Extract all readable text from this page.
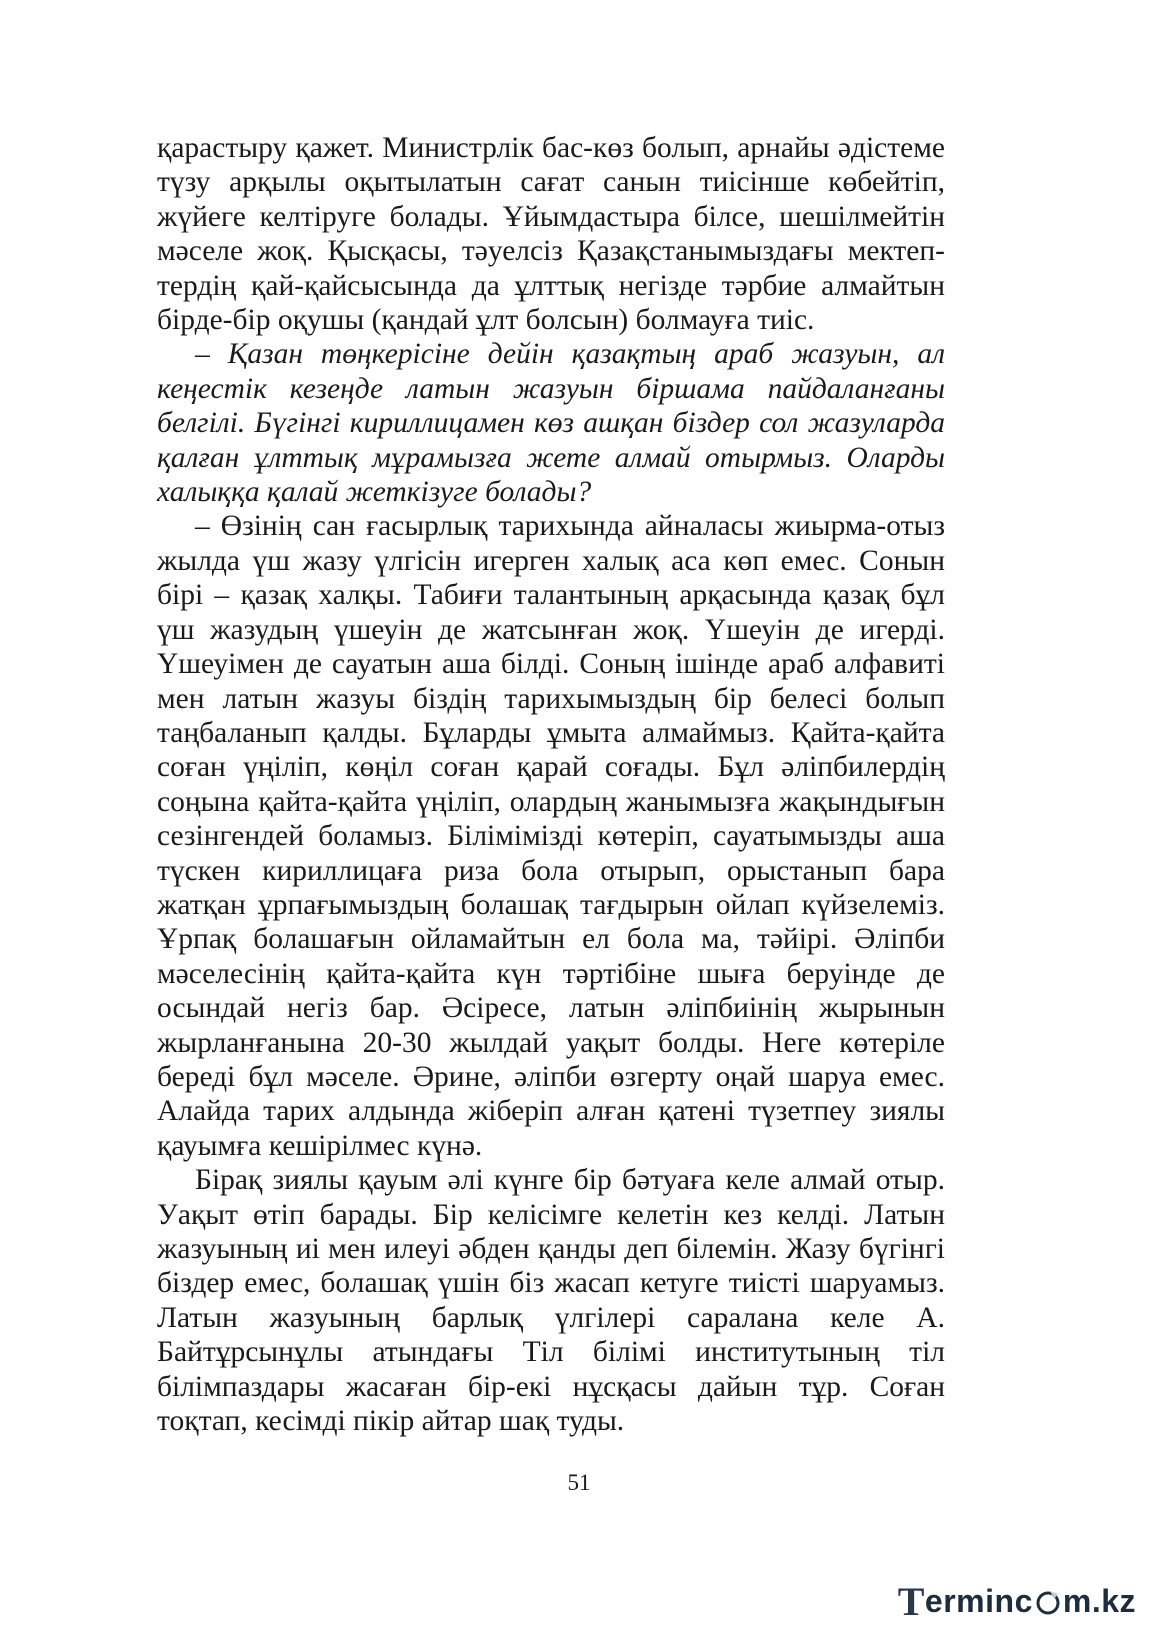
қарастыру қажет. Министрлік бас-көз болып, арнайы әдістеме түзу арқылы оқытылатын сағат санын тиісінше көбейтіп, жүйеге келтіруге болады. Ұйымдастыра білсе, шешілмейтін мәселе жоқ. Қысқасы, тәуелсіз Қазақстанымыздағы мектептердің қай-қайсысында да ұлттық негізде тәрбие алмайтын бірде-бір оқушы (қандай ұлт болсын) болмауға тиіс.

– Қазан төңкерісіне дейін қазақтың араб жазуын, ал кеңестік кезеңде латын жазуын біршама пайдаланғаны белгілі. Бүгінгі кириллицамен көз ашқан біздер сол жазуларда қалған ұлттық мұрамызға жете алмай отырмыз. Оларды халыққа қалай жеткізуге болады?

– Өзінің сан ғасырлық тарихында айналасы жиырма-отыз жылда үш жазу үлгісін игерген халық аса көп емес. Сонын бірі – қазақ халқы. Табиғи талантының арқасында қазақ бұл үш жазудың үшеуін де жатсынған жоқ. Үшеуін де игерді. Үшеуімен де сауатын аша білді. Соның ішінде араб алфавиті мен латын жазуы біздің тарихымыздың бір белесі болып таңбаланып қалды. Бұларды ұмыта алмаймыз. Қайта-қайта соған үңіліп, көңіл соған қарай соғады. Бұл әліпбилердің соңына қайта-қайта үңіліп, олардың жанымызға жақындығын сезінгендей боламыз. Білімімізді көтеріп, сауатымызды аша түскен кириллицаға риза бола отырып, орыстанып бара жатқан ұрпағымыздың болашақ тағдырын ойлап күйзелеміз. Ұрпақ болашағын ойламайтын ел бола ма, тәйірі. Әліпби мәселесінің қайта-қайта күн тәртібіне шыға беруінде де осындай негіз бар. Әсіресе, латын әліпбиінің жырынын жырланғанына 20-30 жылдай уақыт болды. Неге көтеріле береді бұл мәселе. Әрине, әліпби өзгерту оңай шаруа емес. Алайда тарих алдында жіберіп алған қатені түзетпеу зиялы қауымға кешірілмес күнә.

Бірақ зиялы қауым әлі күнге бір бәтуаға келе алмай отыр. Уақыт өтіп барады. Бір келісімге келетін кез келді. Латын жазуының иі мен илеуі әбден қанды деп білемін. Жазу бүгінгі біздер емес, болашақ үшін біз жасап кетуге тиісті шаруамыз. Латын жазуының барлық үлгілері саралана келе А. Байтұрсынұлы атындағы Тіл білімі институтының тіл білімпаздары жасаған бір-екі нұсқасы дайын тұр. Соған тоқтап, кесімді пікір айтар шақ туды.

51
T erminc m.kz
